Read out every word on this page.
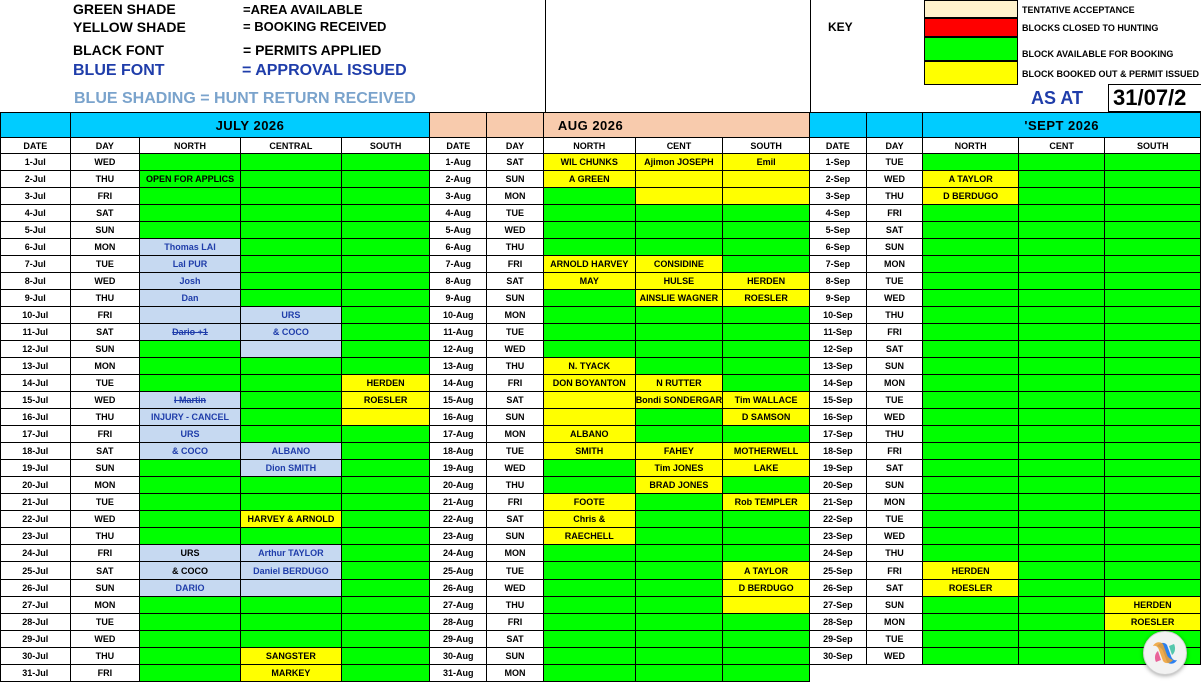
GREEN SHADE	=AREA AVAILABLE
YELLOW SHADE	= BOOKING RECEIVED
BLACK FONT	= PERMITS APPLIED
BLUE FONT	= APPROVAL ISSUED
BLUE SHADING = HUNT RETURN RECEIVED
KEY
TENTATIVE ACCEPTANCE
BLOCKS CLOSED TO HUNTING
BLOCK AVAILABLE FOR BOOKING
BLOCK BOOKED OUT & PERMIT ISSUED
AS AT 31/07/2
	JULY 2026						AUG 2026					'SEPT 2026		
DATE	DAY	NORTH	CENTRAL	SOUTH	DATE	DAY	NORTH	CENT	SOUTH	DATE	DAY	NORTH	CENT	SOUTH
1-Jul	WED				1-Aug	SAT	WIL CHUNKS	Ajimon JOSEPH	Emil	1-Sep	TUE			
2-Jul	THU	OPEN FOR APPLICS			2-Aug	SUN	A GREEN			2-Sep	WED	A TAYLOR		
3-Jul	FRI				3-Aug	MON				3-Sep	THU	D BERDUGO		
4-Jul	SAT				4-Aug	TUE				4-Sep	FRI			
5-Jul	SUN				5-Aug	WED				5-Sep	SAT			
6-Jul	MON	Thomas LAI			6-Aug	THU				6-Sep	SUN			
7-Jul	TUE	Lal PUR			7-Aug	FRI	ARNOLD HARVEY	CONSIDINE		7-Sep	MON			
8-Jul	WED	Josh			8-Aug	SAT	MAY	HULSE	HERDEN	8-Sep	TUE			
9-Jul	THU	Dan			9-Aug	SUN		AINSLIE WAGNER	ROESLER	9-Sep	WED			
10-Jul	FRI		URS		10-Aug	MON				10-Sep	THU			
11-Jul	SAT	Dario +1	& COCO		11-Aug	TUE				11-Sep	FRI			
12-Jul	SUN				12-Aug	WED				12-Sep	SAT			
13-Jul	MON				13-Aug	THU	N. TYACK			13-Sep	SUN			
14-Jul	TUE			HERDEN	14-Aug	FRI	DON BOYANTON	N RUTTER		14-Sep	MON			
15-Jul	WED	I Martin		ROESLER	15-Aug	SAT		Bondi SONDERGAR	Tim WALLACE	15-Sep	TUE			
16-Jul	THU	INJURY - CANCEL			16-Aug	SUN			D SAMSON	16-Sep	WED			
17-Jul	FRI	URS			17-Aug	MON	ALBANO			17-Sep	THU			
18-Jul	SAT	& COCO	ALBANO		18-Aug	TUE	SMITH	FAHEY	MOTHERWELL	18-Sep	FRI			
19-Jul	SUN		Dion SMITH		19-Aug	WED		Tim JONES	LAKE	19-Sep	SAT			
20-Jul	MON				20-Aug	THU		BRAD JONES		20-Sep	SUN			
21-Jul	TUE				21-Aug	FRI	FOOTE		Rob TEMPLER	21-Sep	MON			
22-Jul	WED		HARVEY & ARNOLD		22-Aug	SAT	Chris &			22-Sep	TUE			
23-Jul	THU				23-Aug	SUN	RAECHELL			23-Sep	WED			
24-Jul	FRI	URS	Arthur TAYLOR		24-Aug	MON				24-Sep	THU			
25-Jul	SAT	& COCO	Daniel BERDUGO		25-Aug	TUE			A TAYLOR	25-Sep	FRI	HERDEN		
26-Jul	SUN	DARIO			26-Aug	WED			D BERDUGO	26-Sep	SAT	ROESLER		
27-Jul	MON				27-Aug	THU				27-Sep	SUN			HERDEN
28-Jul	TUE				28-Aug	FRI				28-Sep	MON			ROESLER
29-Jul	WED				29-Aug	SAT				29-Sep	TUE			
30-Jul	THU		SANGSTER		30-Aug	SUN				30-Sep	WED			
31-Jul	FRI		MARKEY		31-Aug	MON								
